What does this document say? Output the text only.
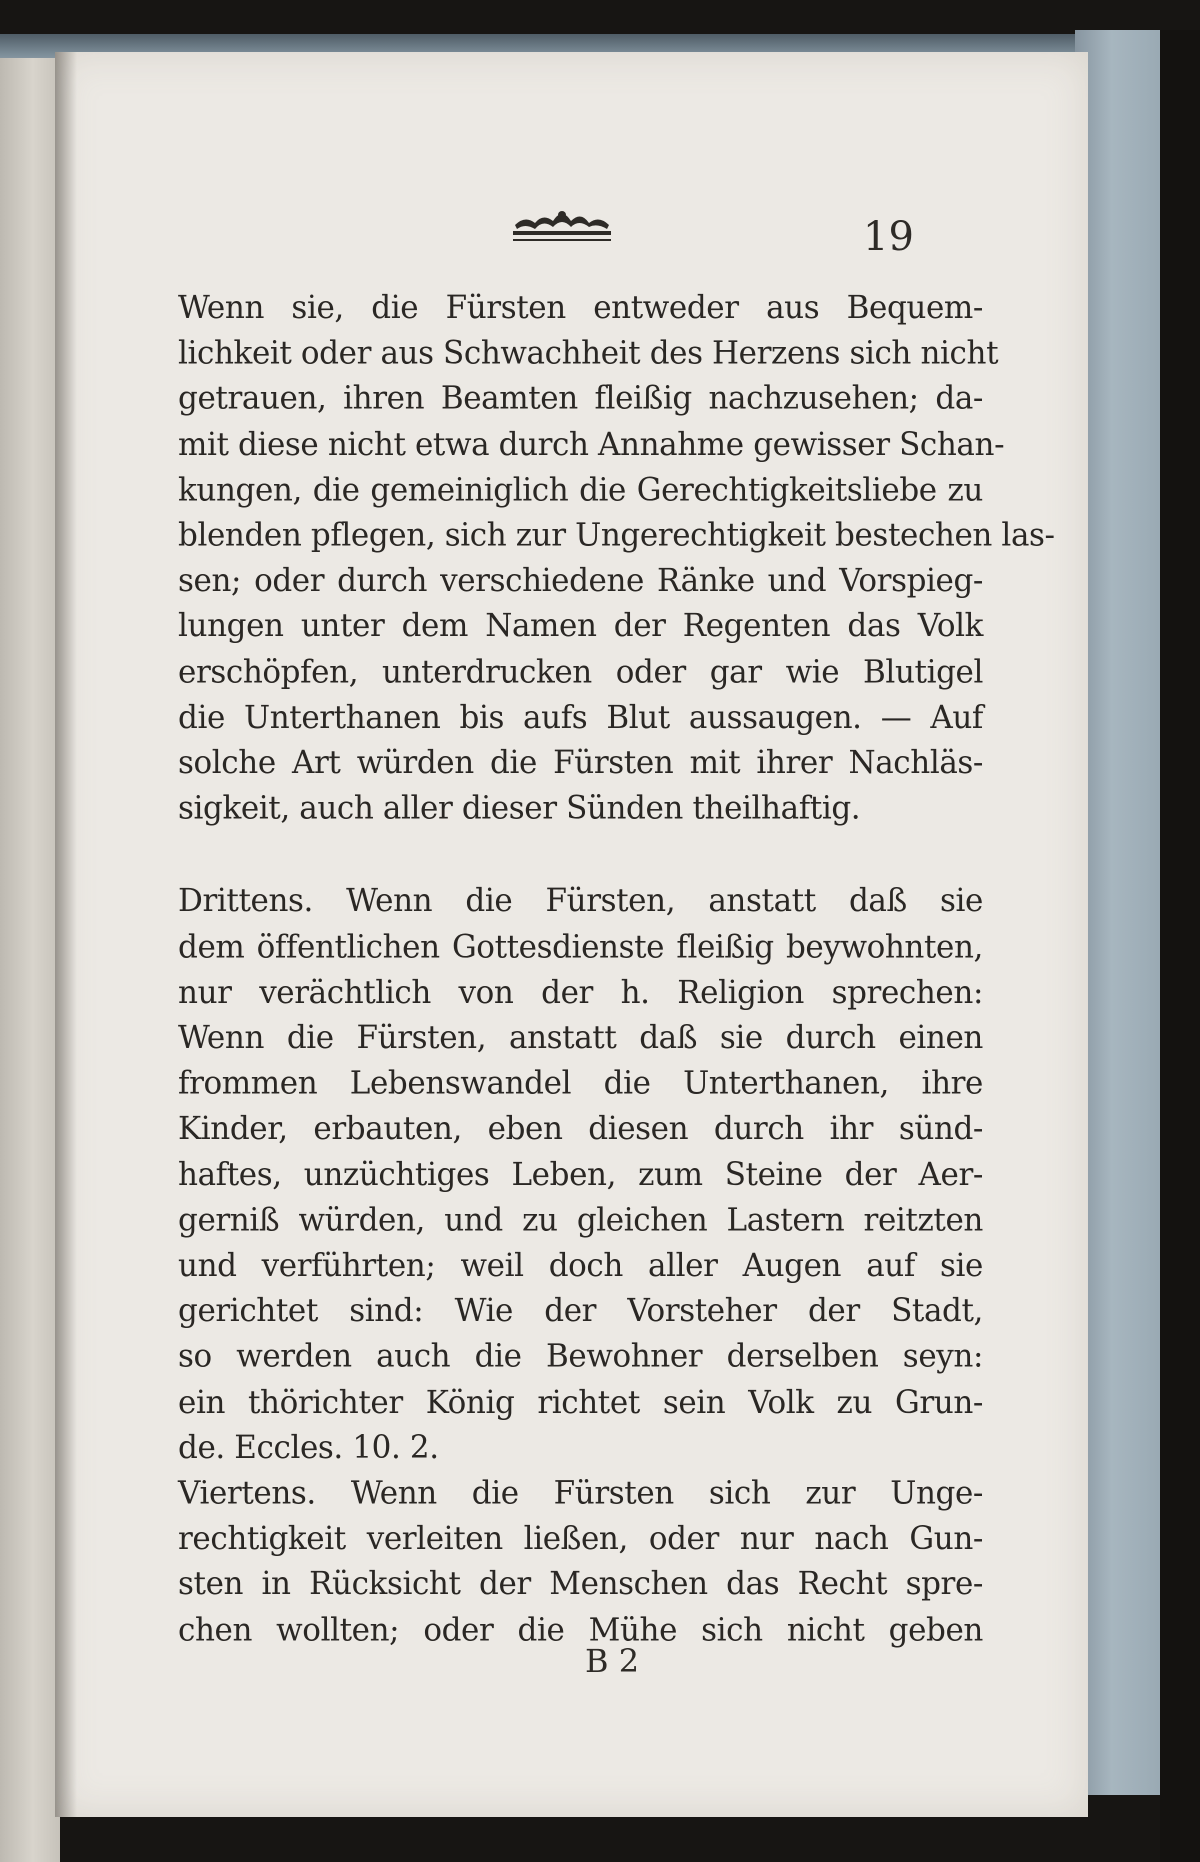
19
Wenn sie, die Fürsten entweder aus Bequem-
lichkeit oder aus Schwachheit des Herzens sich nicht
getrauen, ihren Beamten fleißig nachzusehen; da-
mit diese nicht etwa durch Annahme gewisser Schan-
kungen, die gemeiniglich die Gerechtigkeitsliebe zu
blenden pflegen, sich zur Ungerechtigkeit bestechen las-
sen; oder durch verschiedene Ränke und Vorspieg-
lungen unter dem Namen der Regenten das Volk
erschöpfen, unterdrucken oder gar wie Blutigel
die Unterthanen bis aufs Blut aussaugen. — Auf
solche Art würden die Fürsten mit ihrer Nachläs-
sigkeit, auch aller dieser Sünden theilhaftig.
Drittens. Wenn die Fürsten, anstatt daß sie
dem öffentlichen Gottesdienste fleißig beywohnten,
nur verächtlich von der h. Religion sprechen:
Wenn die Fürsten, anstatt daß sie durch einen
frommen Lebenswandel die Unterthanen, ihre
Kinder, erbauten, eben diesen durch ihr sünd-
haftes, unzüchtiges Leben, zum Steine der Aer-
gerniß würden, und zu gleichen Lastern reitzten
und verführten; weil doch aller Augen auf sie
gerichtet sind: Wie der Vorsteher der Stadt,
so werden auch die Bewohner derselben seyn:
ein thörichter König richtet sein Volk zu Grun-
de. Eccles. 10. 2.
Viertens. Wenn die Fürsten sich zur Unge-
rechtigkeit verleiten ließen, oder nur nach Gun-
sten in Rücksicht der Menschen das Recht spre-
chen wollten; oder die Mühe sich nicht geben
B 2
